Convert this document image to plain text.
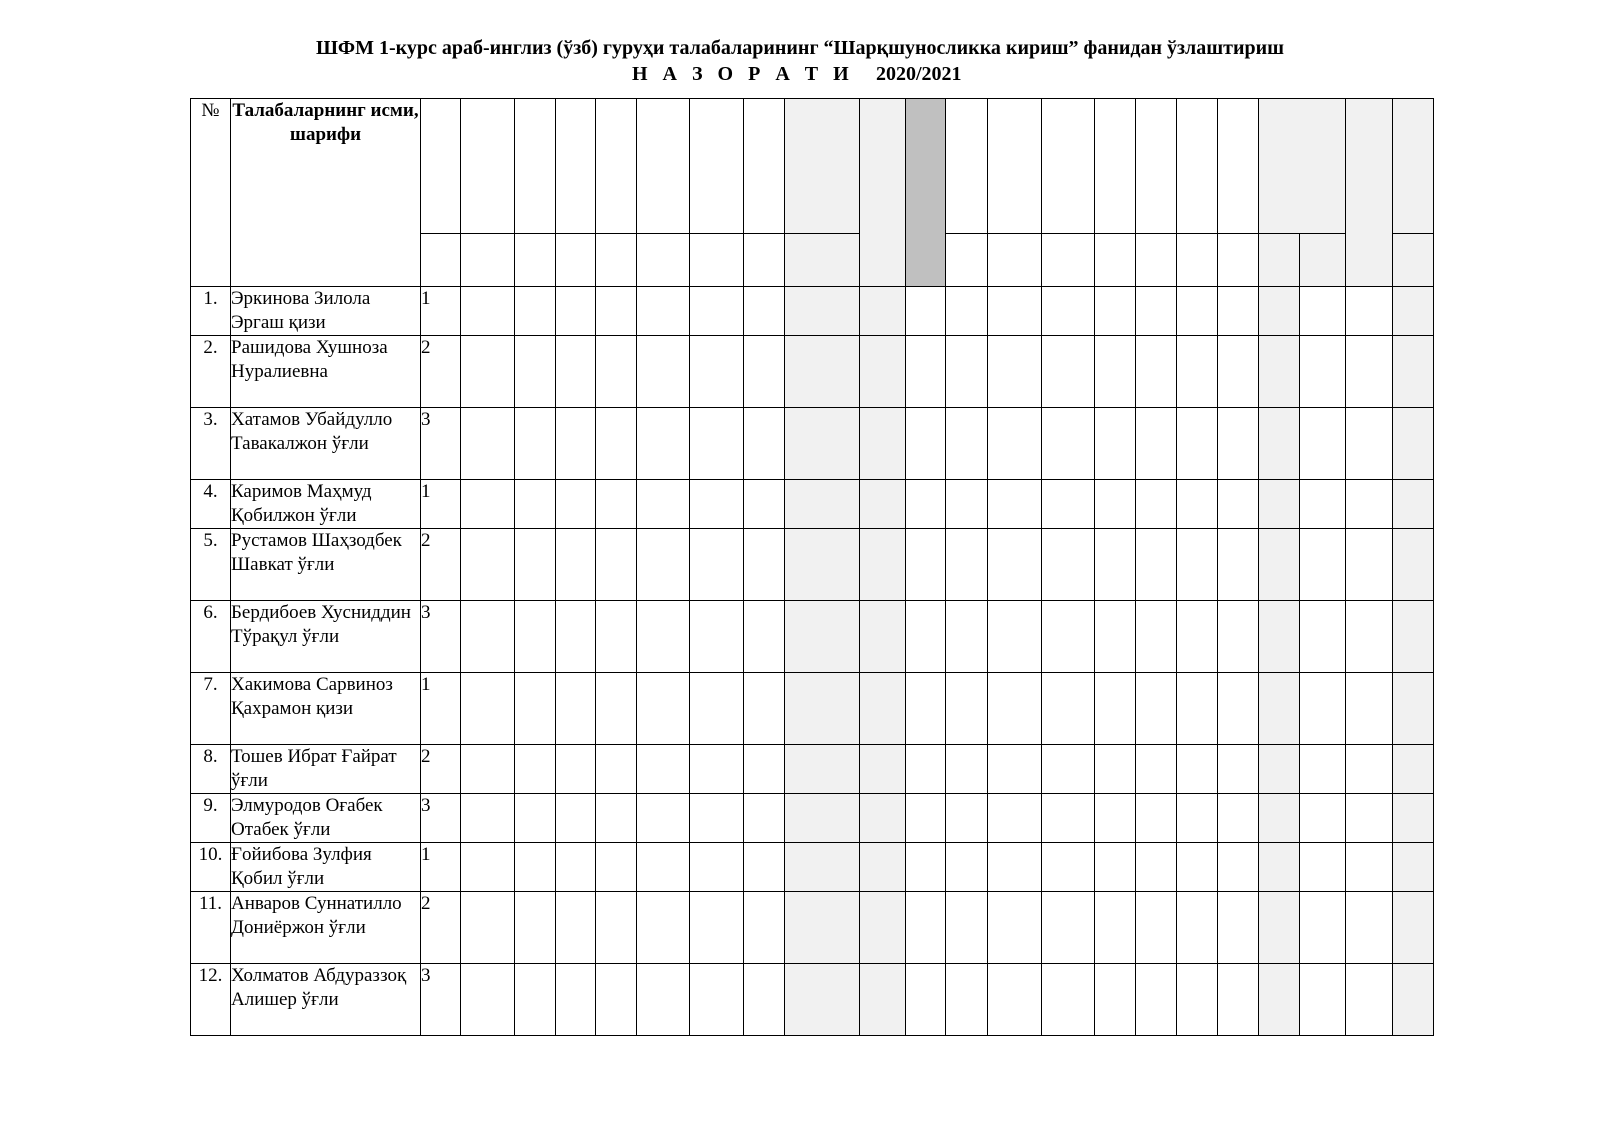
ШФМ 1-курс араб-инглиз (ўзб) гуруҳи талабаларининг “Шарқшуносликка кириш” фанидан ўзлаштириш
Н А З О Р А Т И 2020/2021
№	Талабаларнинг исми, шарифи																						

1.	Эркинова Зилола Эргаш қизи	1																					
2.	Рашидова Хушноза Нуралиевна	2																					
3.	Хатамов Убайдулло Тавакалжон ўғли	3																					
4.	Каримов Маҳмуд Қобилжон ўғли	1																					
5.	Рустамов Шаҳзодбек Шавкат ўғли	2																					
6.	Бердибоев Хусниддин Тўрақул ўғли	3																					
7.	Хакимова Сарвиноз Қахрамон қизи	1																					
8.	Тошев Ибрат Ғайрат ўғли	2																					
9.	Элмуродов Оғабек Отабек ўғли	3																					
10.	Ғойибова Зулфия Қобил ўғли	1																					
11.	Анваров Суннатилло Дониёржон ўғли	2																					
12.	Холматов Абдураззоқ Алишер ўғли	3																					
